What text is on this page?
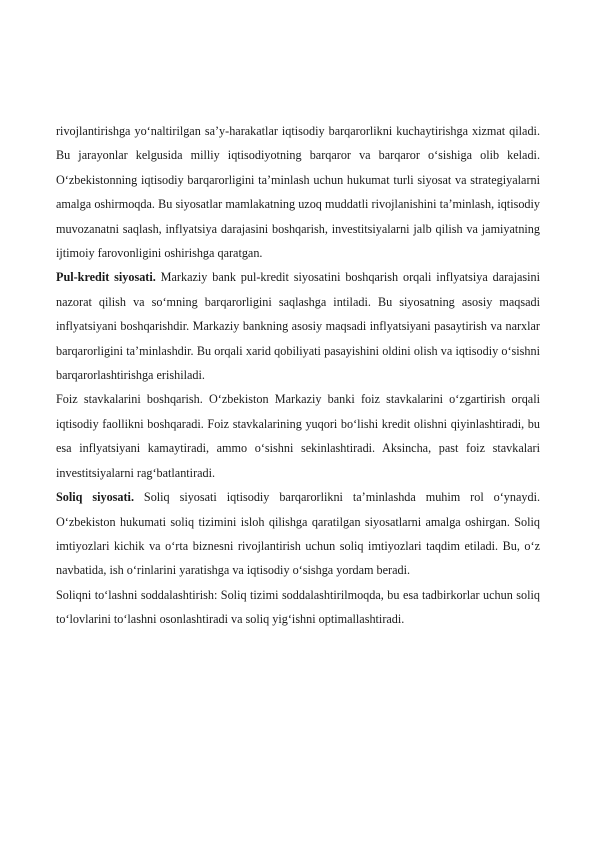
rivojlantirishga yo‘naltirilgan sa’y-harakatlar iqtisodiy barqarorlikni kuchaytirishga xizmat qiladi. Bu jarayonlar kelgusida milliy iqtisodiyotning barqaror va barqaror o‘sishiga olib keladi. O‘zbekistonning iqtisodiy barqarorligini ta’minlash uchun hukumat turli siyosat va strategiyalarni amalga oshirmoqda. Bu siyosatlar mamlakatning uzoq muddatli rivojlanishini ta’minlash, iqtisodiy muvozanatni saqlash, inflyatsiya darajasini boshqarish, investitsiyalarni jalb qilish va jamiyatning ijtimoiy farovonligini oshirishga qaratgan.

Pul-kredit siyosati. Markaziy bank pul-kredit siyosatini boshqarish orqali inflyatsiya darajasini nazorat qilish va so‘mning barqarorligini saqlashga intiladi. Bu siyosatning asosiy maqsadi inflyatsiyani boshqarishdir. Markaziy bankning asosiy maqsadi inflyatsiyani pasaytirish va narxlar barqarorligini ta’minlashdir. Bu orqali xarid qobiliyati pasayishini oldini olish va iqtisodiy o‘sishni barqarorlashtirishga erishiladi.

Foiz stavkalarini boshqarish. O‘zbekiston Markaziy banki foiz stavkalarini o‘zgartirish orqali iqtisodiy faollikni boshqaradi. Foiz stavkalarining yuqori bo‘lishi kredit olishni qiyinlashtiradi, bu esa inflyatsiyani kamaytiradi, ammo o‘sishni sekinlashtiradi. Aksincha, past foiz stavkalari investitsiyalarni rag‘batlantiradi.

Soliq siyosati. Soliq siyosati iqtisodiy barqarorlikni ta’minlashda muhim rol o‘ynaydi. O‘zbekiston hukumati soliq tizimini isloh qilishga qaratilgan siyosatlarni amalga oshirgan. Soliq imtiyozlari kichik va o‘rta biznesni rivojlantirish uchun soliq imtiyozlari taqdim etiladi. Bu, o‘z navbatida, ish o‘rinlarini yaratishga va iqtisodiy o‘sishga yordam beradi.

Soliqni to‘lashni soddalashtirish: Soliq tizimi soddalashtirilmoqda, bu esa tadbirkorlar uchun soliq to‘lovlarini to‘lashni osonlashtiradi va soliq yig‘ishni optimallashtiradi.
